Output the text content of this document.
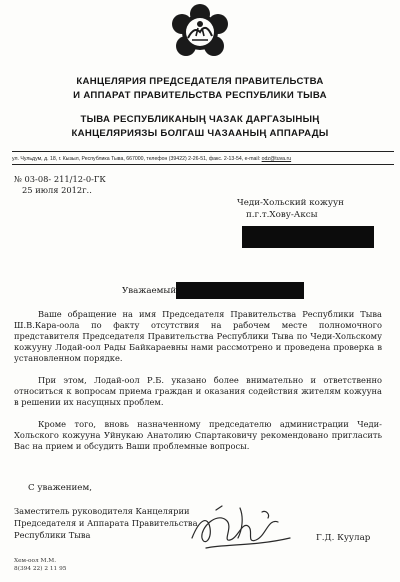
КАНЦЕЛЯРИЯ ПРЕДСЕДАТЕЛЯ ПРАВИТЕЛЬСТВА
И АППАРАТ ПРАВИТЕЛЬСТВА РЕСПУБЛИКИ ТЫВА
ТЫВА РЕСПУБЛИКАНЫҢ ЧАЗАК ДАРГАЗЫНЫҢ
КАНЦЕЛЯРИЯЗЫ БОЛГАШ ЧАЗААНЫҢ АППАРАДЫ
ул. Чульдум, д. 18, г. Кызыл, Республика Тыва, 667000, телефон (39422) 2-26-51, факс. 2-13-54, e-mail: odz@tuva.ru
№ 03-08- 211/12-0-ГК
25 июля 2012г..
Чеди-Хольский кожуун
п.г.т.Хову-Аксы
Уважаемый
Ваше обращение на имя Председателя Правительства Республики Тыва Ш.В.Кара-оола по факту отсутствия на рабочем месте полномочного представителя Председателя Правительства Республики Тыва по Чеди-Хольскому кожууну Лодай-оол Рады Байкараевны нами рассмотрено и проведена проверка в установленном порядке.
При этом, Лодай-оол Р.Б. указано более внимательно и ответственно относиться к вопросам приема граждан и оказания содействия жителям кожууна в решении их насущных проблем.
Кроме того, вновь назначенному председателю администрации Чеди-Хольского кожууна Уйнукаю Анатолию Спартаковичу рекомендовано пригласить Вас на прием и обсудить Ваши проблемные вопросы.
С уважением,
Заместитель руководителя Канцелярии
Председателя и Аппарата Правительства
Республики Тыва	Г.Д. Куулар
Хем-оол М.М.
8(394 22) 2 11 95
